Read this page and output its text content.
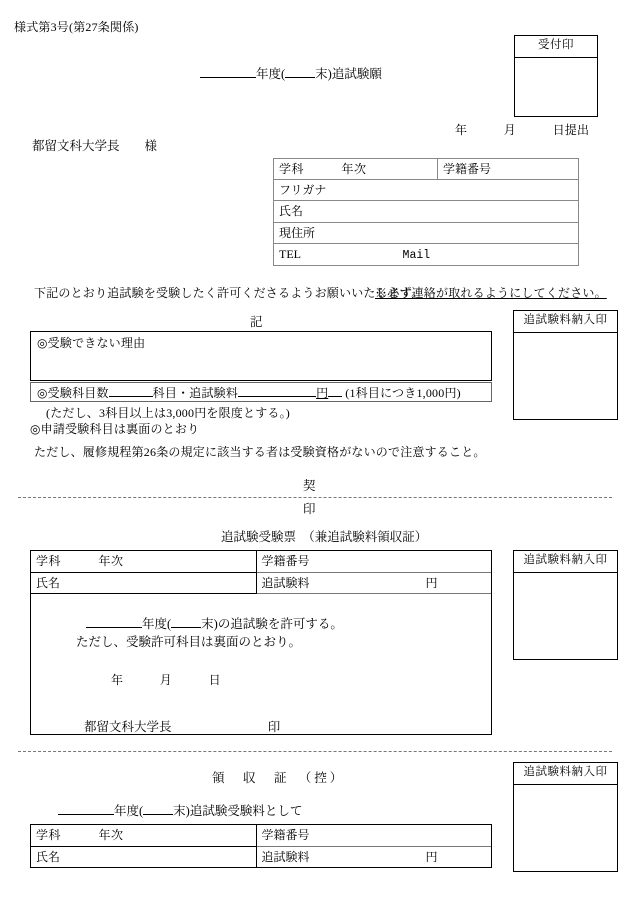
様式第3号(第27条関係)
受付印
年度( 末)追試験願
年　　　月　　　日提出
都留文科大学長　　様
学科　　　年次	学籍番号
フリガナ
氏名
現住所
TEL	Mail
下記のとおり追試験を受験したく許可くださるようお願いいたします。
※必ず連絡が取れるようにしてください。
記	追試験料納入印
◎受験できない理由
◎受験科目数	科目・追試験料	円 (1科目につき1,000円)
(ただし、3科目以上は3,000円を限度とする。)
◎申請受験科目は裏面のとおり
ただし、履修規程第26条の規定に該当する者は受験資格がないので注意すること。
契
印
追試験受験票　（兼追試験料領収証）
追試験料納入印
学科　　　年次	学籍番号
氏名	追試験料 円
年度( 末)の追試験を許可する。
ただし、受験許可科目は裏面のとおり。
年　　　月　　　日
都留文科大学長	印
追試験料納入印
領　収　証　（控）
年度( 末)追試験受験料として
学科　　　年次	学籍番号
氏名	追試験料 円
